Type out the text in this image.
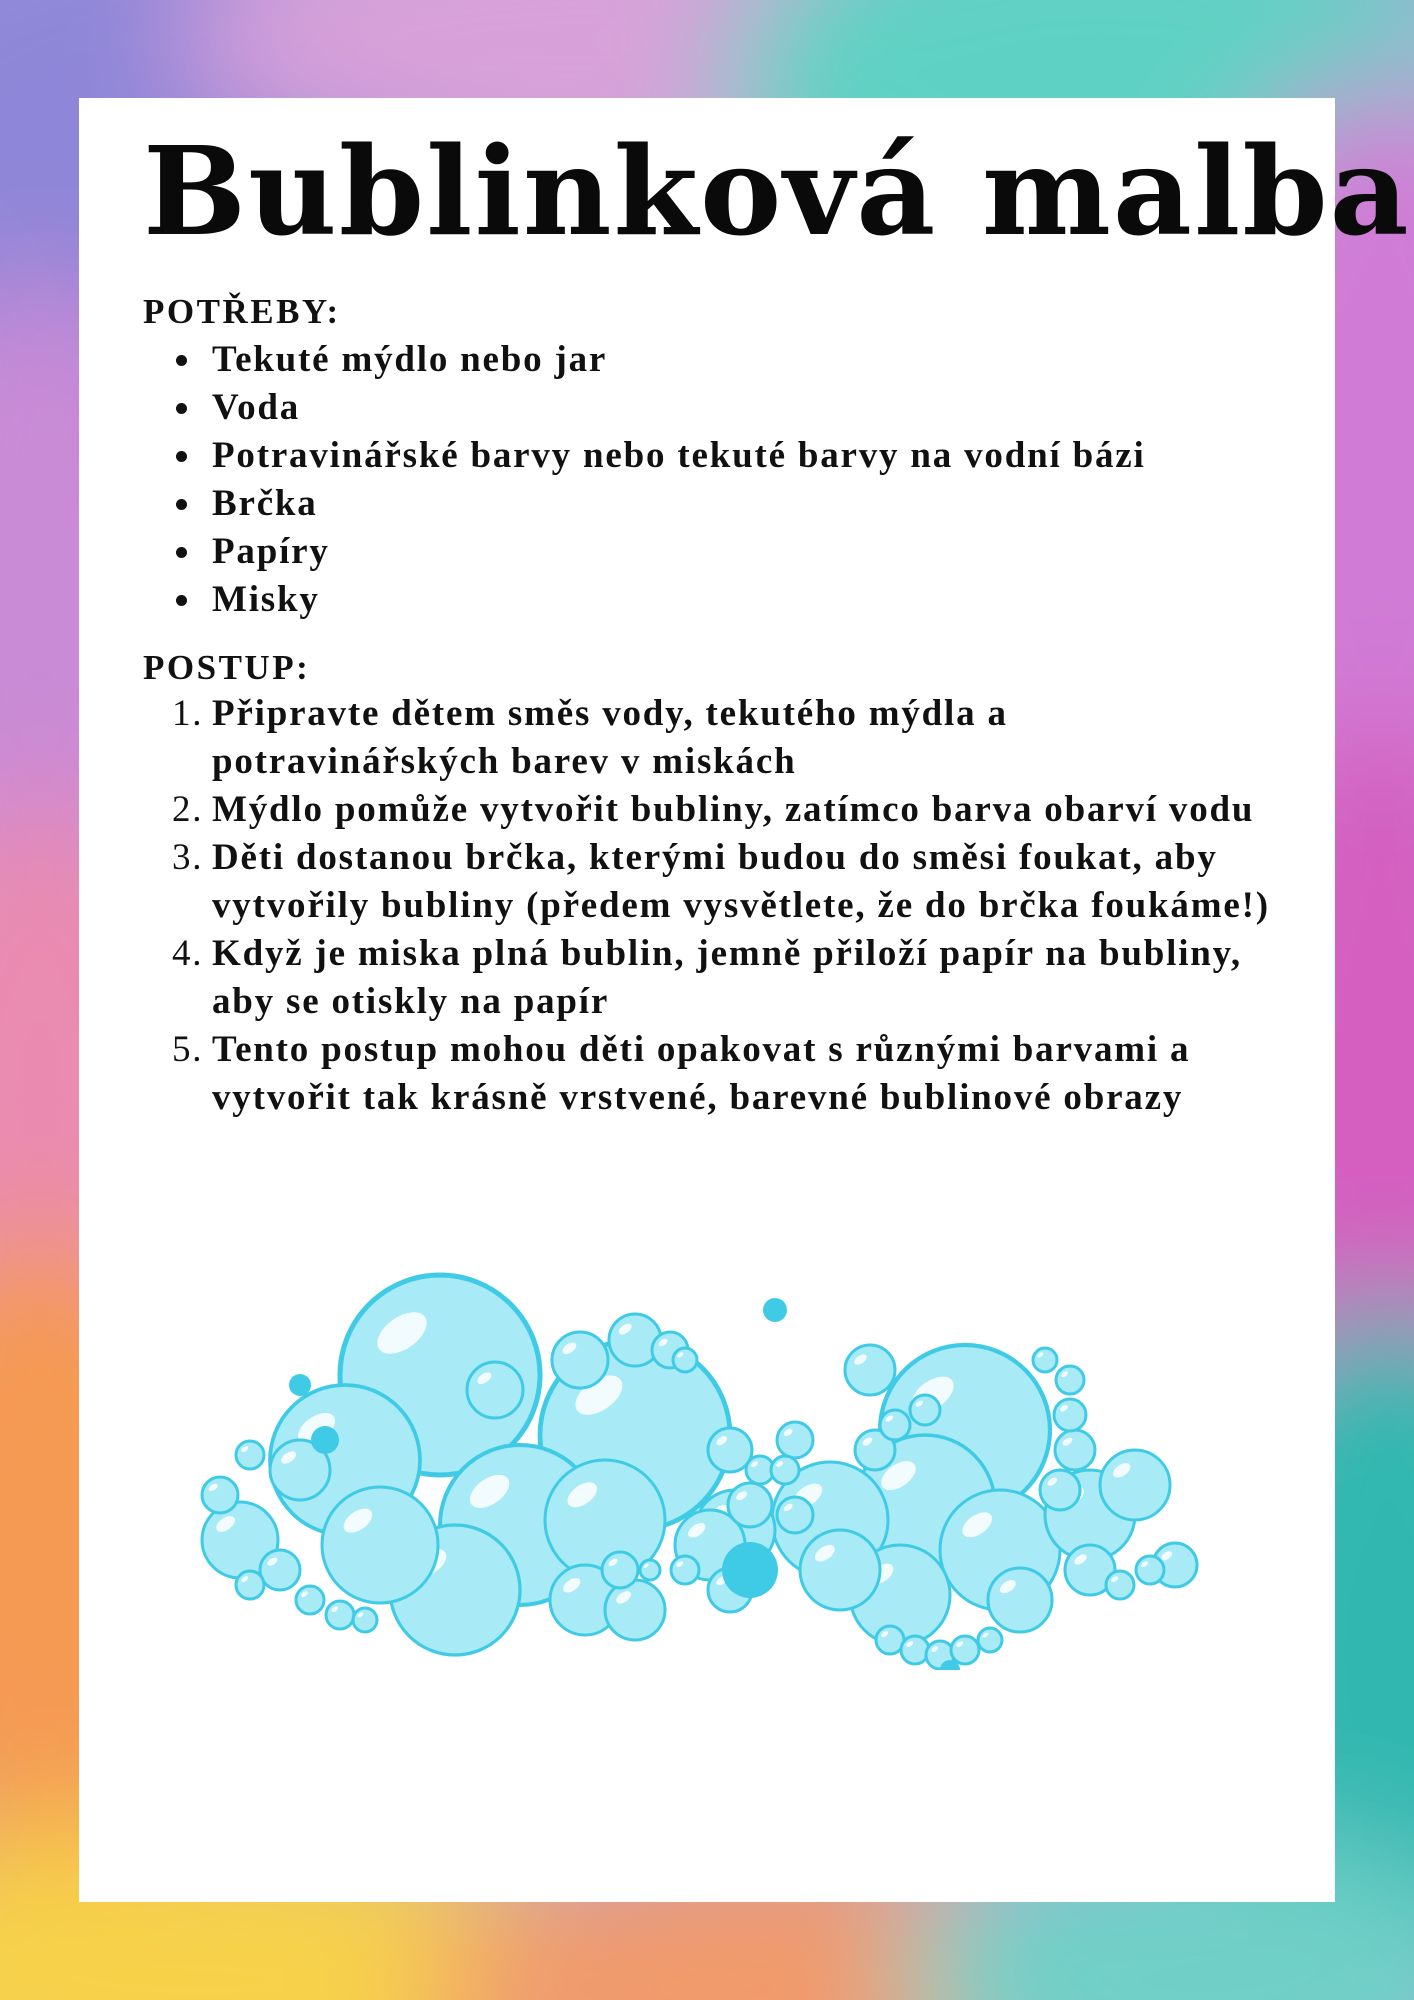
Bublinková malba
POTŘEBY:
Tekuté mýdlo nebo jar
Voda
Potravinářské barvy nebo tekuté barvy na vodní bázi
Brčka
Papíry
Misky
POSTUP:
1. Připravte dětem směs vody, tekutého mýdla a potravinářských barev v miskách
2. Mýdlo pomůže vytvořit bubliny, zatímco barva obarví vodu
3. Děti dostanou brčka, kterými budou do směsi foukat, aby vytvořily bubliny (předem vysvětlete, že do brčka foukáme!)
4. Když je miska plná bublin, jemně přiloží papír na bubliny, aby se otiskly na papír
5. Tento postup mohou děti opakovat s různými barvami a vytvořit tak krásně vrstvené, barevné bublinové obrazy
